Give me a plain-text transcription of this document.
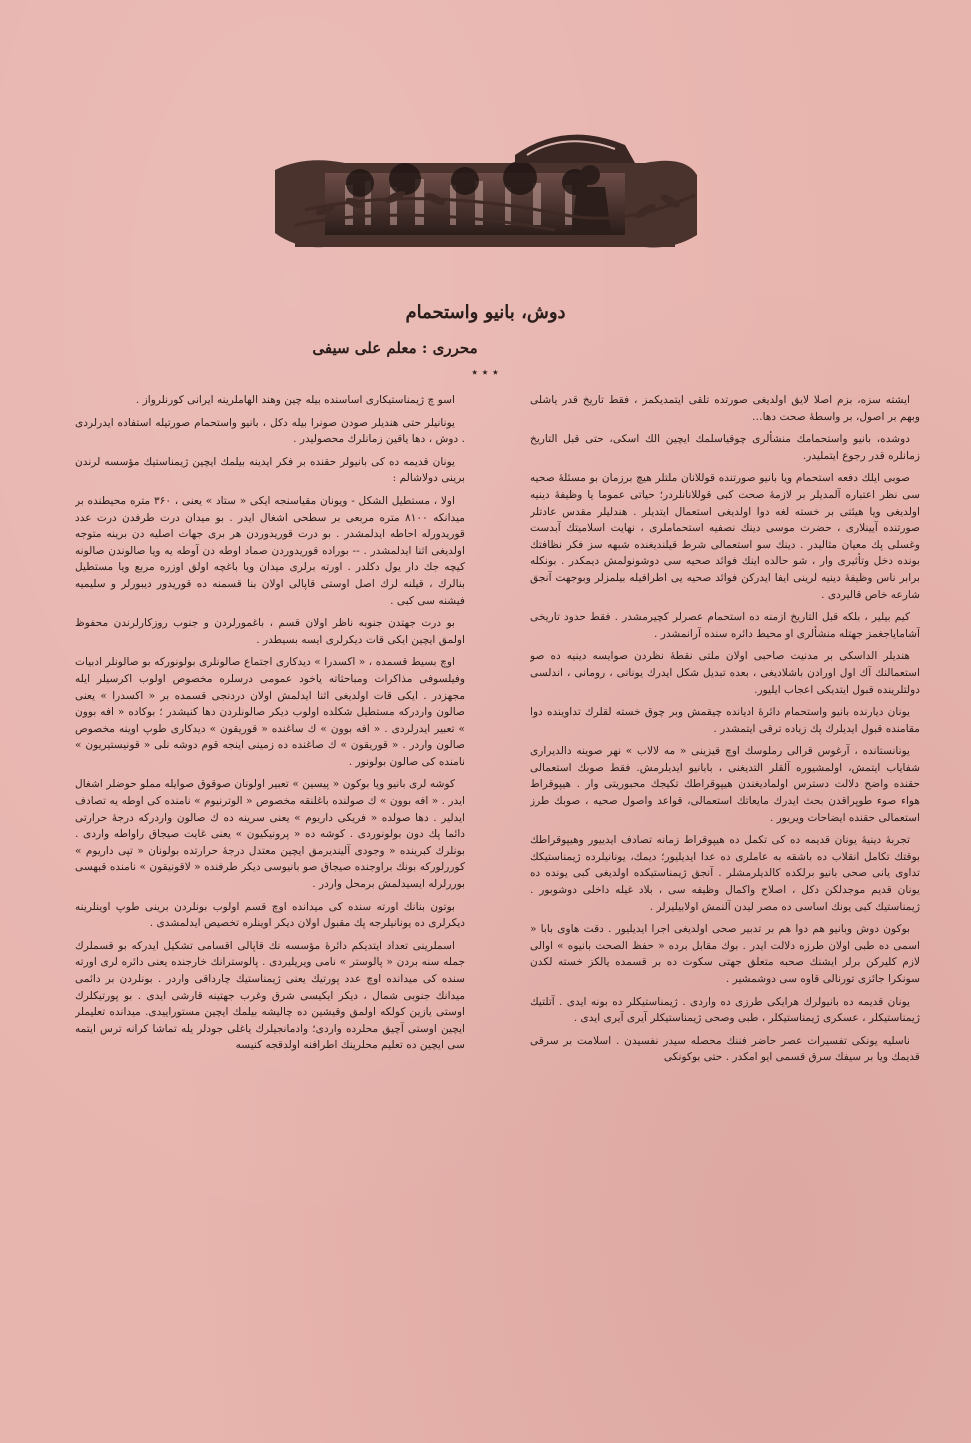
دوش، بانیو واستحمام
محرری : معلم علی سیفی
٭ ٭ ٭

ایشته سزه، بزم اصلا لایق اولدیغی صورتده تلقی ایتمدیکمز ، فقط تاریخ قدر یاشلی وبهم بر اصول، بر واسطهٔ صحت دها…

دوشده، بانیو واستحمامك منشألری چوقیاسلمك ایچین الك اسکی، حتی قبل التاریخ زمانلره قدر رجوع ایتملیدر.

صوبی ایلك دفعه استحمام ویا بانیو صورتنده قوللانان ملتلر هیچ برزمان بو مسئلهٔ صحیه سی نظر اعتباره آلمدیلر بر لازمهٔ صحت کبی قوللانانلردر؛ حیاتی عموما یا وظیفهٔ دینیه اولدیغی ویا هیئتی بر خسته لغه دوا اولدیغی استعمال ایتدیلر . هندلیلر مقدس عادتلر صورتنده آیینلاری ، حضرت موسی دینك نصفیه استحماملری ، نهایت اسلامیتك آبدست وغسلی پك معیان مثالیدر . دینك سو استعمالی شرط قیلندیغنده شبهه سز فکر نظافتك بونده دخل وتأثیری وار ، شو حالده اینك فوائد صحیه سی دوشونولمش دیمکدر . بونکله برابر ناس وظیفهٔ دینیه لرینی ایفا ایدرکن فوائد صحیه یی اطرافیله بیلمزلر وبوجهت آنجق شارعه خاص قالیردی .

کیم بیلیر ، بلکه قبل التاریخ ازمنه ده استحمام عصرلر کچیرمشدر . فقط حدود تاریخی آشامایاجغمز جهتله منشألری او محیط دائره سنده آرانمشدر .

هندیلر الداسکی بر مدنیت صاحبی اولان ملتی نقطهٔ نظردن صوایسه دینیه ده صو استعمالنك آك اول اورادن باشلادیغی ، بعده تبدیل شکل ایدرك یونانی ، رومانی ، اندلسی دولتلرینده قبول ایتدیکی اعجاب ایلیور.

یونان دیارنده بانیو واستحمام دائرهٔ ادیانده چیقمش وبر چوق خسته لقلرك تداوینده دوا مقامنده قبول ایدیلرك پك زیاده ترقی ایتمشدر .

یونانستانده ، آرغوس قرالی رملوسك اوچ قیزینی « مه لالاب » نهر صوینه دالدیراری شفایاب ایتمش، اولمشیوره آلقلر التدیغنی ، بابانیو ایدیلرمش. فقط صوبك استعمالی حقنده واضح دلالت دسترس اولمادیغندن هیپوقراطك تکیجك محبوریتی وار . هیپوقراط هواء صوء طوپراقدن بحث ایدرك مایعاتك استعمالی، قواعد واصول صحیه ، صوبك طرز استعمالی حقنده ایضاحات ویریور .

تجربهٔ دینیهٔ یونان قدیمه ده کی تکمل ده هیپوقراط زمانه تصادف ایدییور وهیپوقراطك بوقتك تکامل انقلاب ده باشقه به عاملری ده عدا ایدیلیور؛ دیمك، یونانیلرده ژیمناستیکك تداوی یانی صحی بانیو برلکده کالدیلرمشلر . آنجق ژیمناستیکده اولدیغی کبی یونده ده یونان قدیم موجدلکن دکل ، اصلاح واکمال وظیفه سی ، بلاد غیله داخلی دوشوبور . ژیمناستیك کبی یونك اساسی ده مصر لیدن آلنمش اولابیلیرلر .

بوکون دوش وبانیو هم دوا هم بر تدبیر صحی اولدیغی اجرا ایدیلیور . دقت هاوی بابا « اسمی ده طبی اولان طرزه دلالت ایدر . بوك مقابل برده « حفظ الصحت بانیوه » اوالی لازم کلیرکن برلر ایشنك صحبه متعلق جهتی سکوت ده بر قسمده یالکز خسته لکدن سونکرا جائزی تورنالی قاوه سی دوشمشیر .

یونان قدیمه ده بانیولرك هرایکی طرزی ده واردی . ژیمناستیکلر ده بونه ایدی . آتلتیك ژیمناستیکلر ، عسکری ژیمناستیکلر ، طبی وصحی ژیمناستیکلر آیری آیری ایدی .

ناسلیه یونكی تفسیرات عصر حاضر فننك محصله سیدر نفسیدن . اسلامت بر سرقی قدیمك ویا بر سیفك سرق قسمی ایو امکدر . حتی بوکونکی

اسو چ ژیمناستیکاری اساسنده بیله چین وهند الهاملرینه ایرانی کورنلرواز .

یونانیلر حتی هندیلر صودن صونرا بیله دکل ، بانیو واستحمام صورتیله استفاده ایدرلردی . دوش ، دها یاقین زمانلرك محصولیدر .

یونان قدیمه ده کی بانیولر حقنده بر فکر ایدینه بیلمك ایچین ژیمناستیك مؤسسه لرندن برینی دولاشالم :

اولا ، مستطیل الشکل - ویونان مقیاسنجه ایکی « ستاد » یعنی ، ۳۶۰ متره محیطنده بر میدانکه ۸۱۰۰ متره مربعی بر سطحی اشغال ایدر . بو میدان درت طرفدن درت عدد قوریدورله احاطه ایدلمشدر . بو درت قوریدوردن هر بری جهات اصلیه دن برینه متوجه اولدیغی اثنا ایدلمشدر . -- بوراده قوریدوردن صماد اوطه دن آوطه یه ویا صالوندن صالونه کیچه جك دار یول دکلدر . اورته برلری میدان ویا باغچه اولق اوزره مربع ویا مستطیل بنالرك ، قیلنه لرك اصل اوستی قاپالی اولان بنا قسمنه ده قوریدور دیبورلر و سلیمیه فیشنه سی کبی .

بو درت جهتدن جنوبه ناظر اولان قسم ، باغمورلردن و جنوب روزکارلرندن محفوظ اولمق ایچین ایکی قات دیکرلری ایسه بسیطدر .

اوچ بسیط قسمده ، « اکسدرا » دیدکاری اجتماع صالونلری بولونورکه بو صالونلر ادبیات وفیلسوفی مذاکرات ومباحثاته یاخود عمومی درسلره مخصوص اولوب اکرسیلر ایله مجهزدر . ایکی قات اولدیغی اثنا ایدلمش اولان دردنجی قسمده بر « اکسدرا » یعنی صالون واردرکه مستطیل شکلده اولوب دیکر صالونلردن دها کنیشدر ؛ بوکاده « افه بوون » تعبیر ایدرلردی . « افه بوون » ك ساغنده « قوریقون » دیدکاری طوپ اوینه مخصوص صالون واردر . « قوریقون » ك صاغنده ده زمینی اینجه قوم دوشه نلی « قونیستیریون » نامنده کی صالون بولونور .

کوشه لری بانیو ویا بوکون « پیسین » تعبیر اولونان صوقوق صوایله مملو حوضلر اشغال ایدر . « افه بوون » ك صولنده باغلنقه مخصوص « الوترنیوم » نامنده کی اوطه یه تصادف ایدلیر . دها صولده « فریکی داریوم » یعنی سرینه ده ك صالون واردرکه درجهٔ حرارتی دائما پك دون بولونوردی . کوشه ده « پرونیکیون » یعنی غایت صیجاق راواطه واردی . بونلرك کبرینده « وجودی آلیندیرمق ایچین معتدل درجهٔ حرارتده بولونان « تپی داریوم » کوررلورکه بونك براوجنده صیجاق صو بانیوسی دیکر طرفنده « لاقونیقون » نامنده قبهسی بوررلرله ایسیدلمش برمحل واردر .

بوتون بنانك اورته سنده کی میدانده اوچ قسم اولوب بونلردن برینی طوپ اوینلرینه دیکرلری ده یونانیلرجه پك مقبول اولان دیکر اوینلره تخصیص ایدلمشدی .

اسملرینی تعداد ایتدیکم دائرهٔ مؤسسه نك قاپالی اقسامی تشکیل ایدرکه بو قسملرك جمله سنه بردن « پالوستر » نامی ویریلیردی . پالوسترانك خارجنده یعنی دائره لری اورته سنده کی میدانده اوچ عدد پورتیك یعنی ژیمناستیك چارداقی واردر . بونلردن بر دائمی میدانك جنوبی شمال ، دیکر ایکیسی شرق وغرب جهتینه قارشی ایدی . بو پورتیکلرك اوستی یازین کولکه اولمق وقیشین ده چالیشه بیلمك ایچین مستوراییدی. میدانده تعلیملر ایچین اوستی آچیق محلرده واردی؛ وادمانجیلرك یاغلی جودلر یله تماشا کرانه ترس ایتمه سی ایچین ده تعلیم محلرینك اطرافنه اولدقجه کنیسه
